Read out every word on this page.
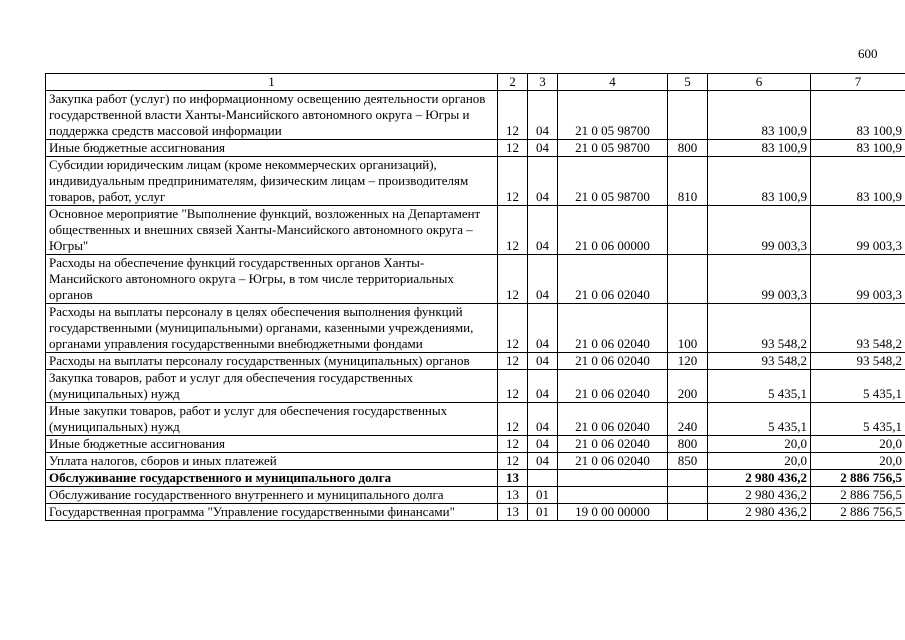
600
1	2	3	4	5	6	7
Закупка работ (услуг) по информационному освещению деятельности органов государственной власти Ханты-Мансийского автономного округа – Югры и поддержка средств массовой информации	12	04	21 0 05 98700		83 100,9	83 100,9
Иные бюджетные ассигнования	12	04	21 0 05 98700	800	83 100,9	83 100,9
Субсидии юридическим лицам (кроме некоммерческих организаций), индивидуальным предпринимателям, физическим лицам – производителям товаров, работ, услуг	12	04	21 0 05 98700	810	83 100,9	83 100,9
Основное мероприятие "Выполнение функций, возложенных на Департамент общественных и внешних связей Ханты-Мансийского автономного округа – Югры"	12	04	21 0 06 00000		99 003,3	99 003,3
Расходы на обеспечение функций государственных органов Ханты-Мансийского автономного округа – Югры, в том числе территориальных органов	12	04	21 0 06 02040		99 003,3	99 003,3
Расходы на выплаты персоналу в целях обеспечения выполнения функций государственными (муниципальными) органами, казенными учреждениями, органами управления государственными внебюджетными фондами	12	04	21 0 06 02040	100	93 548,2	93 548,2
Расходы на выплаты персоналу государственных (муниципальных) органов	12	04	21 0 06 02040	120	93 548,2	93 548,2
Закупка товаров, работ и услуг для обеспечения государственных (муниципальных) нужд	12	04	21 0 06 02040	200	5 435,1	5 435,1
Иные закупки товаров, работ и услуг для обеспечения государственных (муниципальных) нужд	12	04	21 0 06 02040	240	5 435,1	5 435,1
Иные бюджетные ассигнования	12	04	21 0 06 02040	800	20,0	20,0
Уплата налогов, сборов и иных платежей	12	04	21 0 06 02040	850	20,0	20,0
Обслуживание государственного и муниципального долга	13				2 980 436,2	2 886 756,5
Обслуживание государственного внутреннего и муниципального долга	13	01			2 980 436,2	2 886 756,5
Государственная программа "Управление государственными финансами"	13	01	19 0 00 00000		2 980 436,2	2 886 756,5
